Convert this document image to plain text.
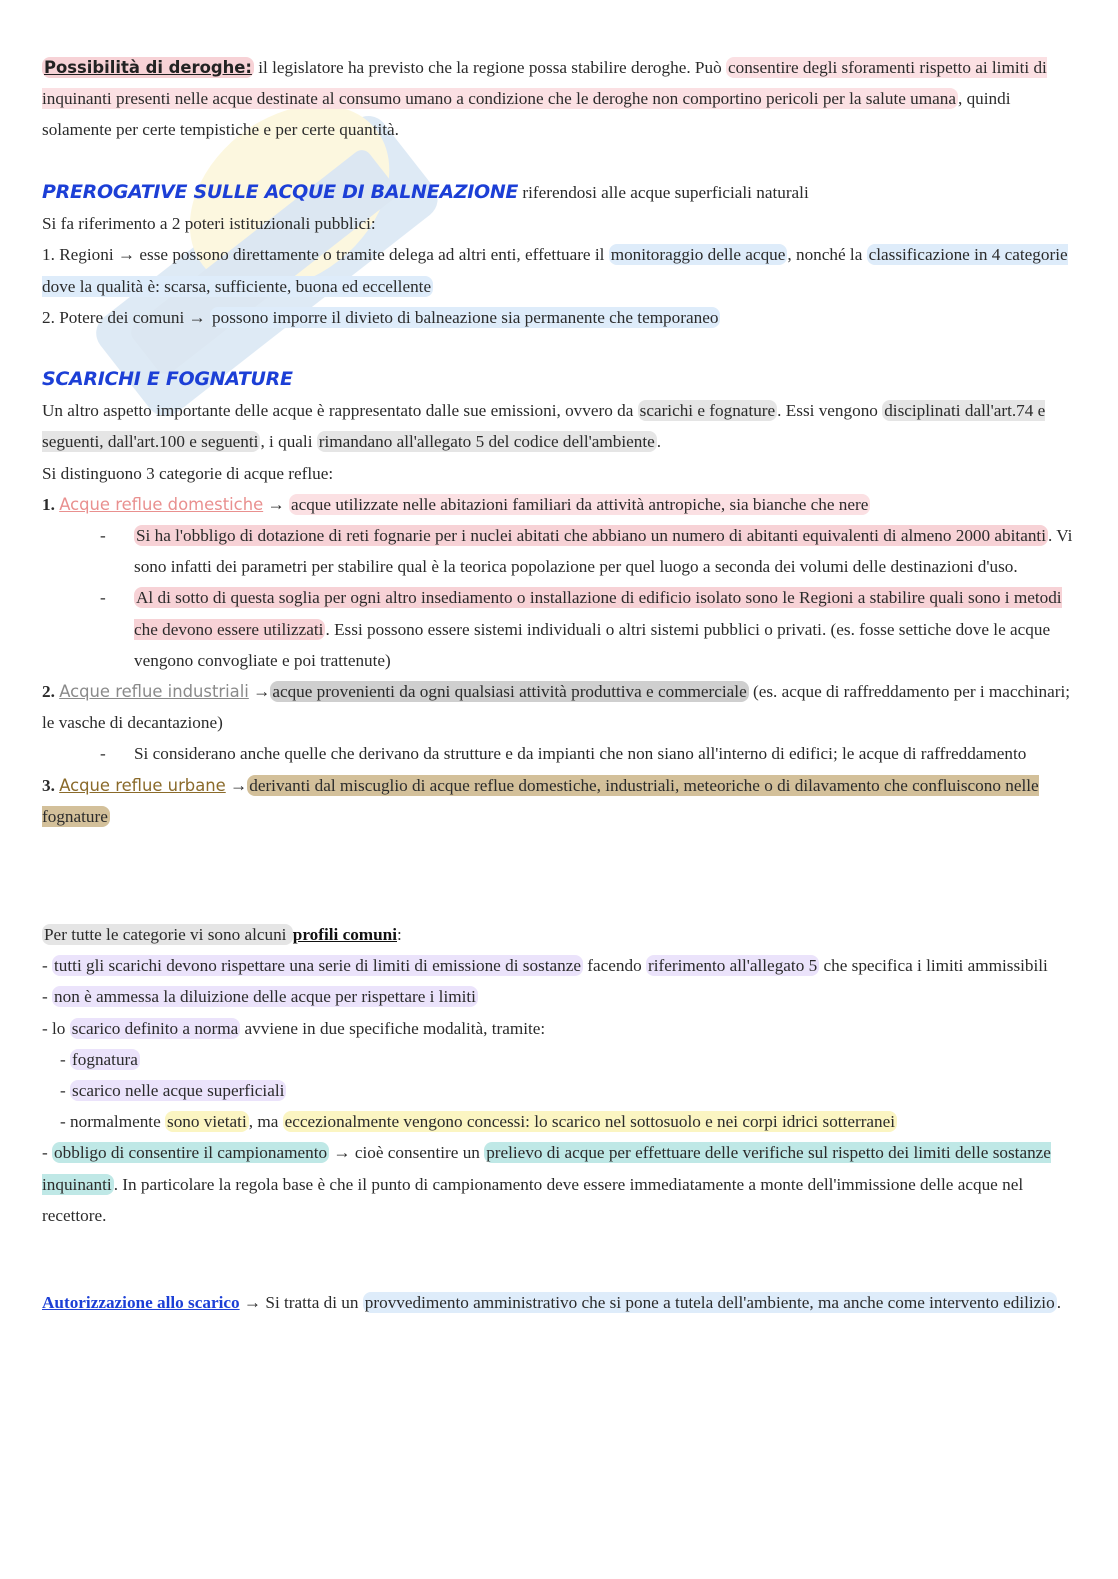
Possibilità di deroghe: il legislatore ha previsto che la regione possa stabilire deroghe. Può consentire degli sforamenti rispetto ai limiti di inquinanti presenti nelle acque destinate al consumo umano a condizione che le deroghe non comportino pericoli per la salute umana , quindi solamente per certe tempistiche e per certe quantità.
PREROGATIVE SULLE ACQUE DI BALNEAZIONE riferendosi alle acque superficiali naturali
Si fa riferimento a 2 poteri istituzionali pubblici:
1. Regioni → esse possono direttamente o tramite delega ad altri enti, effettuare il monitoraggio delle acque , nonché la classificazione in 4 categorie dove la qualità è: scarsa, sufficiente, buona ed eccellente
2. Potere dei comuni → possono imporre il divieto di balneazione sia permanente che temporaneo
SCARICHI E FOGNATURE
Un altro aspetto importante delle acque è rappresentato dalle sue emissioni, ovvero da scarichi e fognature . Essi vengono disciplinati dall'art.74 e seguenti, dall'art.100 e seguenti , i quali rimandano all'allegato 5 del codice dell'ambiente .
Si distinguono 3 categorie di acque reflue:
1. Acque reflue domestiche → acque utilizzate nelle abitazioni familiari da attività antropiche, sia bianche che nere
- Si ha l'obbligo di dotazione di reti fognarie per i nuclei abitati che abbiano un numero di abitanti equivalenti di almeno 2000 abitanti . Vi sono infatti dei parametri per stabilire qual è la teorica popolazione per quel luogo a seconda dei volumi delle destinazioni d'uso.
- Al di sotto di questa soglia per ogni altro insediamento o installazione di edificio isolato sono le Regioni a stabilire quali sono i metodi che devono essere utilizzati . Essi possono essere sistemi individuali o altri sistemi pubblici o privati. (es. fosse settiche dove le acque vengono convogliate e poi trattenute)
2. Acque reflue industriali → acque provenienti da ogni qualsiasi attività produttiva e commerciale (es. acque di raffreddamento per i macchinari; le vasche di decantazione)
- Si considerano anche quelle che derivano da strutture e da impianti che non siano all'interno di edifici; le acque di raffreddamento
3. Acque reflue urbane → derivanti dal miscuglio di acque reflue domestiche, industriali, meteoriche o di dilavamento che confluiscono nelle fognature
Per tutte le categorie vi sono alcuni profili comuni:
- tutti gli scarichi devono rispettare una serie di limiti di emissione di sostanze facendo riferimento all'allegato 5 che specifica i limiti ammissibili
- non è ammessa la diluizione delle acque per rispettare i limiti
- lo scarico definito a norma avviene in due specifiche modalità, tramite:
- fognatura
- scarico nelle acque superficiali
- normalmente sono vietati , ma eccezionalmente vengono concessi: lo scarico nel sottosuolo e nei corpi idrici sotterranei
- obbligo di consentire il campionamento → cioè consentire un prelievo di acque per effettuare delle verifiche sul rispetto dei limiti delle sostanze inquinanti . In particolare la regola base è che il punto di campionamento deve essere immediatamente a monte dell'immissione delle acque nel recettore.
Autorizzazione allo scarico → Si tratta di un provvedimento amministrativo che si pone a tutela dell'ambiente, ma anche come intervento edilizio .
